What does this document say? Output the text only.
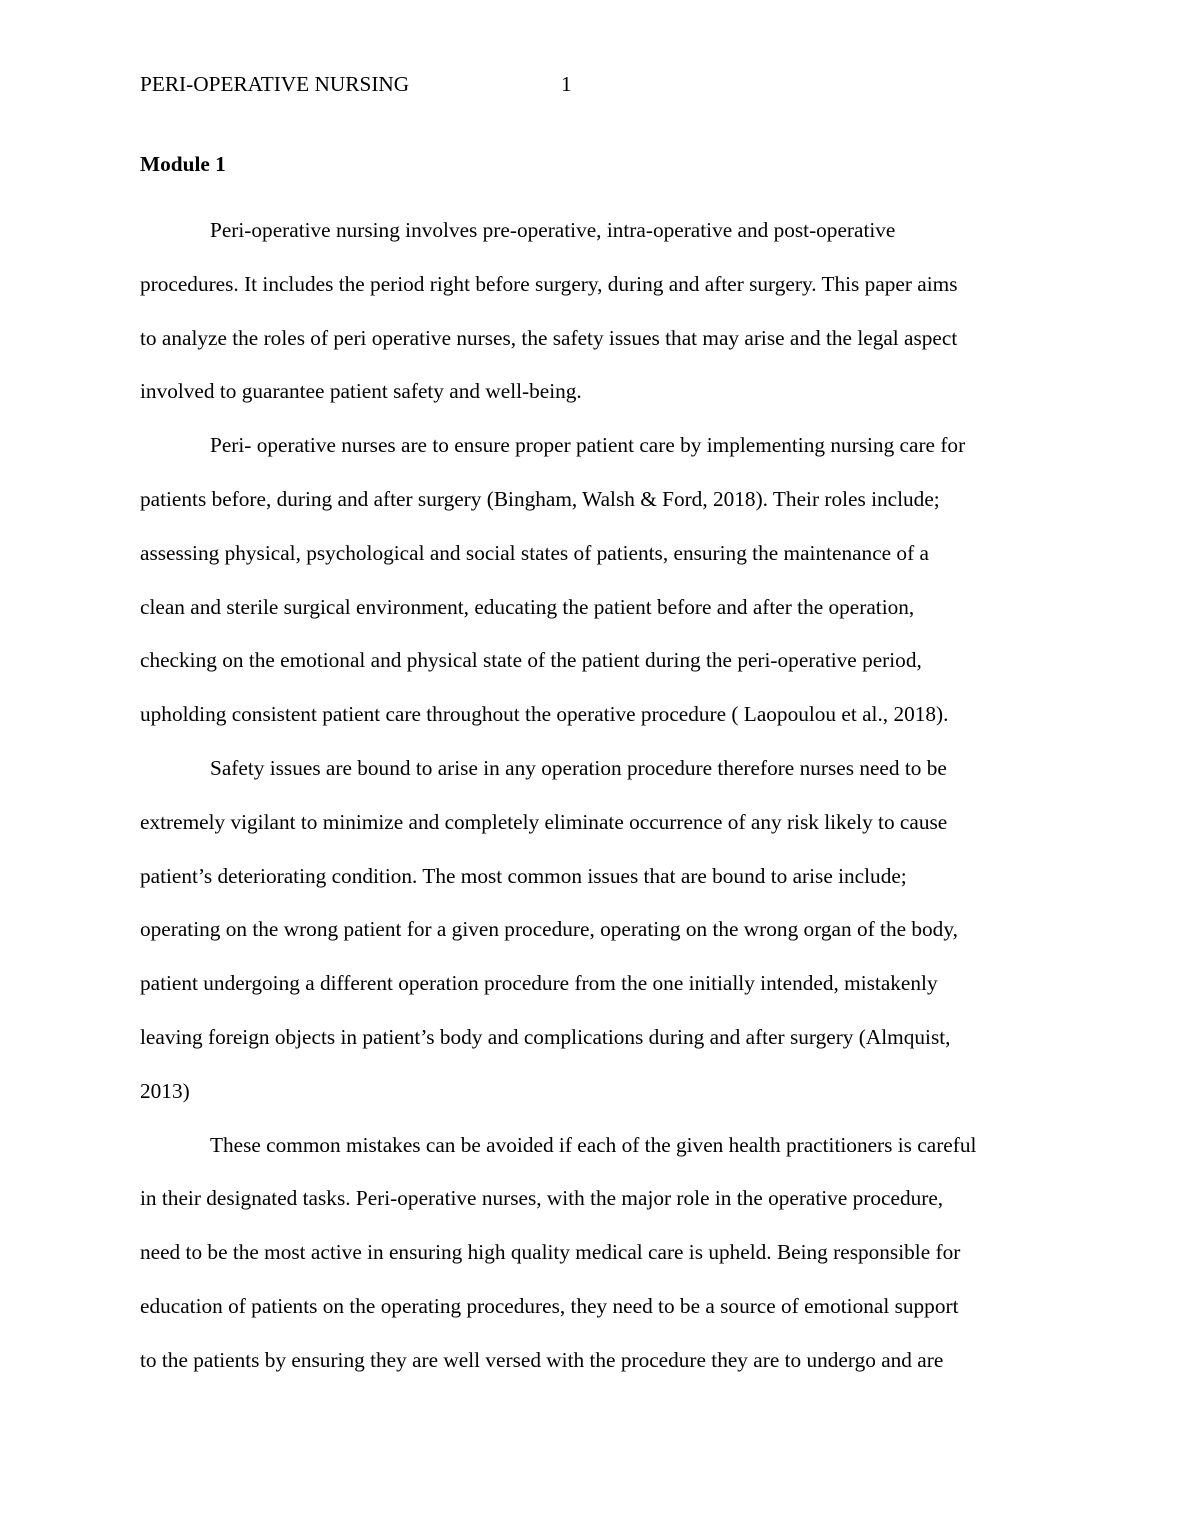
PERI-OPERATIVE NURSING	1
Module 1
Peri-operative nursing involves pre-operative, intra-operative and post-operative
procedures. It includes the period right before surgery, during and after surgery. This paper aims
to analyze the roles of peri operative nurses, the safety issues that may arise and the legal aspect
involved to guarantee patient safety and well-being.
Peri- operative nurses are to ensure proper patient care by implementing nursing care for
patients before, during and after surgery (Bingham, Walsh & Ford, 2018). Their roles include;
assessing physical, psychological and social states of patients, ensuring the maintenance of a
clean and sterile surgical environment, educating the patient before and after the operation,
checking on the emotional and physical state of the patient during the peri-operative period,
upholding consistent patient care throughout the operative procedure ( Laopoulou et al., 2018).
Safety issues are bound to arise in any operation procedure therefore nurses need to be
extremely vigilant to minimize and completely eliminate occurrence of any risk likely to cause
patient’s deteriorating condition. The most common issues that are bound to arise include;
operating on the wrong patient for a given procedure, operating on the wrong organ of the body,
patient undergoing a different operation procedure from the one initially intended, mistakenly
leaving foreign objects in patient’s body and complications during and after surgery (Almquist,
2013)
These common mistakes can be avoided if each of the given health practitioners is careful
in their designated tasks. Peri-operative nurses, with the major role in the operative procedure,
need to be the most active in ensuring high quality medical care is upheld. Being responsible for
education of patients on the operating procedures, they need to be a source of emotional support
to the patients by ensuring they are well versed with the procedure they are to undergo and are
